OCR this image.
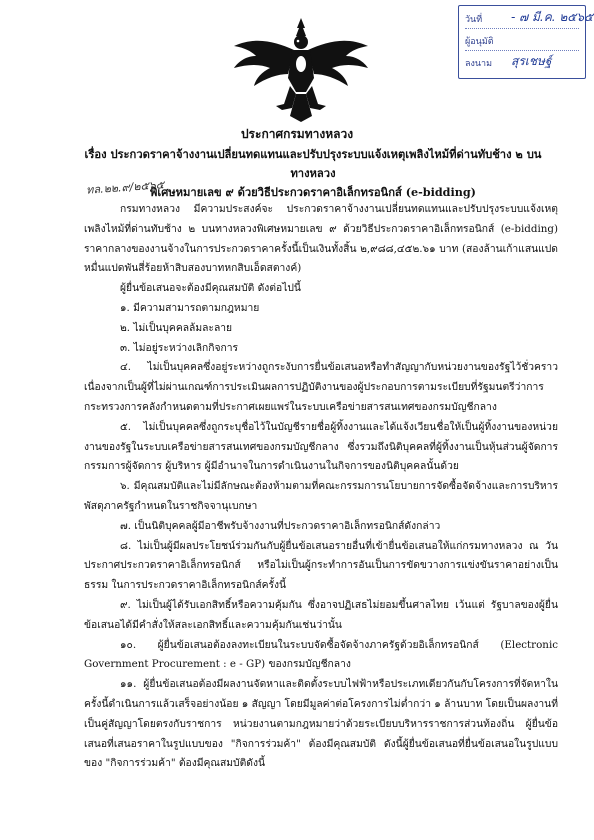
วันที่ - ๗ มี.ค. ๒๕๖๕
ผู้อนุมัติ
ลงนาม สุรเชษฐ์
ประกาศกรมทางหลวง
เรื่อง ประกวดราคาจ้างงานเปลี่ยนทดแทนและปรับปรุงระบบแจ้งเหตุเพลิงไหม้ที่ด่านทับช้าง ๒ บนทางหลวง
พิเศษหมายเลข ๙ ด้วยวิธีประกวดราคาอิเล็กทรอนิกส์ (e-bidding)
ทล.๒๒.๙/๒๕๖๕

กรมทางหลวง มีความประสงค์จะ ประกวดราคาจ้างงานเปลี่ยนทดแทนและปรับปรุงระบบแจ้งเหตุเพลิงไหม้ที่ด่านทับช้าง ๒ บนทางหลวงพิเศษหมายเลข ๙ ด้วยวิธีประกวดราคาอิเล็กทรอนิกส์ (e-bidding) ราคากลางของงานจ้างในการประกวดราคาครั้งนี้เป็นเงินทั้งสิ้น ๒,๙๘๘,๔๕๒.๖๑ บาท (สองล้านเก้าแสนแปดหมื่นแปดพันสี่ร้อยห้าสิบสองบาทหกสิบเอ็ดสตางค์)

ผู้ยื่นข้อเสนอจะต้องมีคุณสมบัติ ดังต่อไปนี้

๑. มีความสามารถตามกฎหมาย

๒. ไม่เป็นบุคคลล้มละลาย

๓. ไม่อยู่ระหว่างเลิกกิจการ

๔. ไม่เป็นบุคคลซึ่งอยู่ระหว่างถูกระงับการยื่นข้อเสนอหรือทำสัญญากับหน่วยงานของรัฐไว้ชั่วคราว เนื่องจากเป็นผู้ที่ไม่ผ่านเกณฑ์การประเมินผลการปฏิบัติงานของผู้ประกอบการตามระเบียบที่รัฐมนตรีว่าการกระทรวงการคลังกำหนดตามที่ประกาศเผยแพร่ในระบบเครือข่ายสารสนเทศของกรมบัญชีกลาง

๕. ไม่เป็นบุคคลซึ่งถูกระบุชื่อไว้ในบัญชีรายชื่อผู้ทิ้งงานและได้แจ้งเวียนชื่อให้เป็นผู้ทิ้งงานของหน่วยงานของรัฐในระบบเครือข่ายสารสนเทศของกรมบัญชีกลาง ซึ่งรวมถึงนิติบุคคลที่ผู้ทิ้งงานเป็นหุ้นส่วนผู้จัดการ กรรมการผู้จัดการ ผู้บริหาร ผู้มีอำนาจในการดำเนินงานในกิจการของนิติบุคคลนั้นด้วย

๖. มีคุณสมบัติและไม่มีลักษณะต้องห้ามตามที่คณะกรรมการนโยบายการจัดซื้อจัดจ้างและการบริหารพัสดุภาครัฐกำหนดในราชกิจจานุเบกษา

๗. เป็นนิติบุคคลผู้มีอาชีพรับจ้างงานที่ประกวดราคาอิเล็กทรอนิกส์ดังกล่าว

๘. ไม่เป็นผู้มีผลประโยชน์ร่วมกันกับผู้ยื่นข้อเสนอรายอื่นที่เข้ายื่นข้อเสนอให้แก่กรมทางหลวง ณ วันประกาศประกวดราคาอิเล็กทรอนิกส์ หรือไม่เป็นผู้กระทำการอันเป็นการขัดขวางการแข่งขันราคาอย่างเป็นธรรม ในการประกวดราคาอิเล็กทรอนิกส์ครั้งนี้

๙. ไม่เป็นผู้ได้รับเอกสิทธิ์หรือความคุ้มกัน ซึ่งอาจปฏิเสธไม่ยอมขึ้นศาลไทย เว้นแต่ รัฐบาลของผู้ยื่นข้อเสนอได้มีคำสั่งให้สละเอกสิทธิ์และความคุ้มกันเช่นว่านั้น

๑๐. ผู้ยื่นข้อเสนอต้องลงทะเบียนในระบบจัดซื้อจัดจ้างภาครัฐด้วยอิเล็กทรอนิกส์ (Electronic Government Procurement : e - GP) ของกรมบัญชีกลาง

๑๑. ผู้ยื่นข้อเสนอต้องมีผลงานจัดหาและติดตั้งระบบไฟฟ้าหรือประเภทเดียวกันกับโครงการที่จัดหาในครั้งนี้ดำเนินการแล้วเสร็จอย่างน้อย ๑ สัญญา โดยมีมูลค่าต่อโครงการไม่ต่ำกว่า ๑ ล้านบาท โดยเป็นผลงานที่เป็นคู่สัญญาโดยตรงกับราชการ หน่วยงานตามกฎหมายว่าด้วยระเบียบบริหารราชการส่วนท้องถิ่น ผู้ยื่นข้อเสนอที่เสนอราคาในรูปแบบของ "กิจการร่วมค้า" ต้องมีคุณสมบัติ ดังนี้ผู้ยื่นข้อเสนอที่ยื่นข้อเสนอในรูปแบบของ "กิจการร่วมค้า" ต้องมีคุณสมบัติดังนี้
